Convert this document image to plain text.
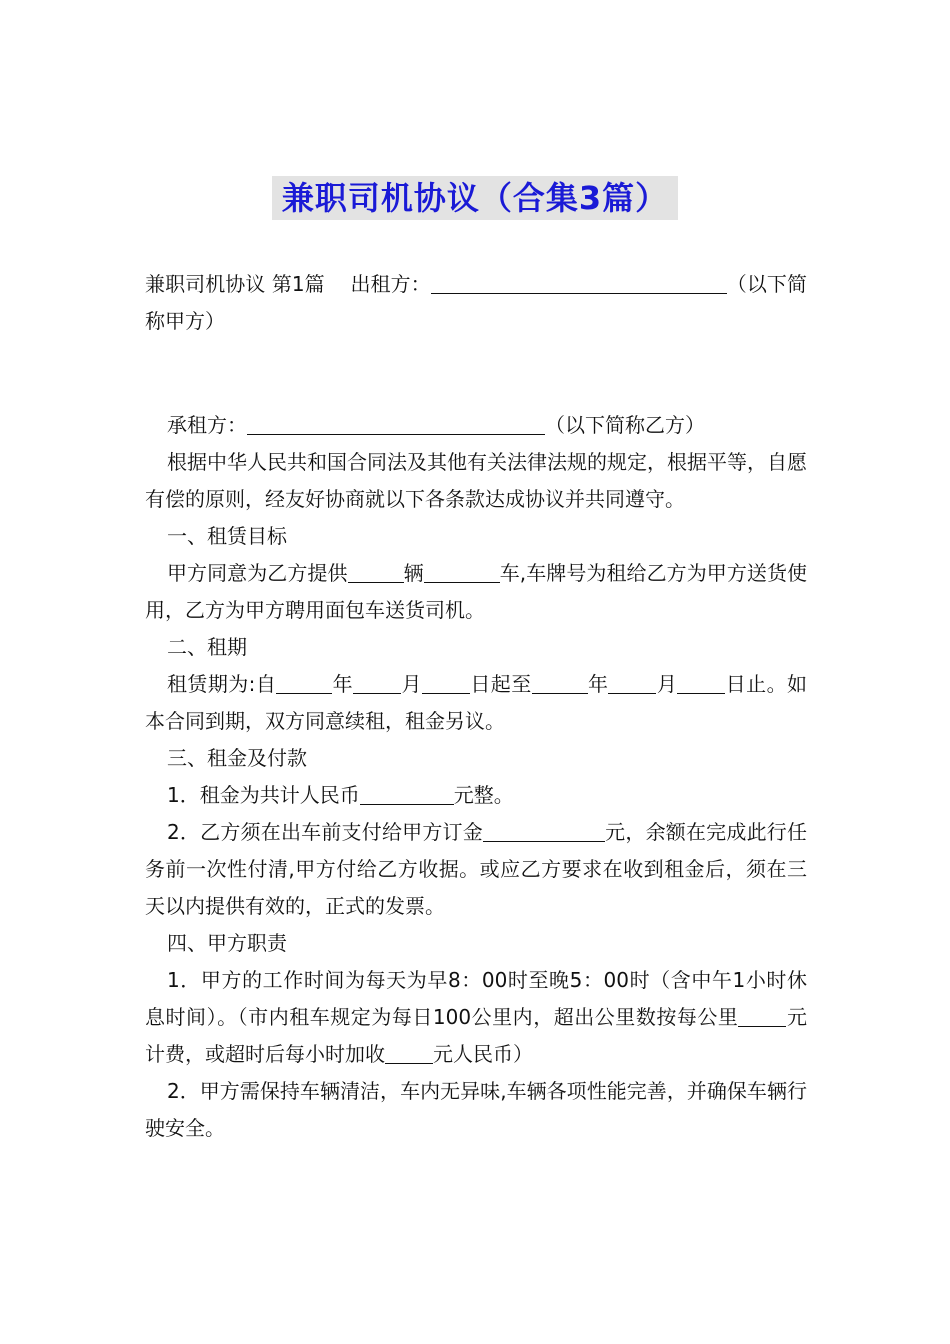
兼职司机协议（合集3篇）

兼职司机协议 第1篇 出租方：	（以下简称甲方）

承租方：	（以下简称乙方）

根据中华人民共和国合同法及其他有关法律法规的规定，根据平等，自愿有偿的原则，经友好协商就以下各条款达成协议并共同遵守。

一、租赁目标

甲方同意为乙方提供	辆	车,车牌号为租给乙方为甲方送货使用，乙方为甲方聘用面包车送货司机。

二、租期

租赁期为:自	年 月 日起至	年 月 日止。如本合同到期，双方同意续租，租金另议。

三、租金及付款

1．租金为共计人民币	元整。

2．乙方须在出车前支付给甲方订金	元，余额在完成此行任务前一次性付清,甲方付给乙方收据。或应乙方要求在收到租金后，须在三天以内提供有效的，正式的发票。

四、甲方职责

1．甲方的工作时间为每天为早8：00时至晚5：00时（含中午1小时休息时间）。（市内租车规定为每日100公里内，超出公里数按每公里 元计费，或超时后每小时加收 元人民币）

2．甲方需保持车辆清洁，车内无异味,车辆各项性能完善，并确保车辆行驶安全。
